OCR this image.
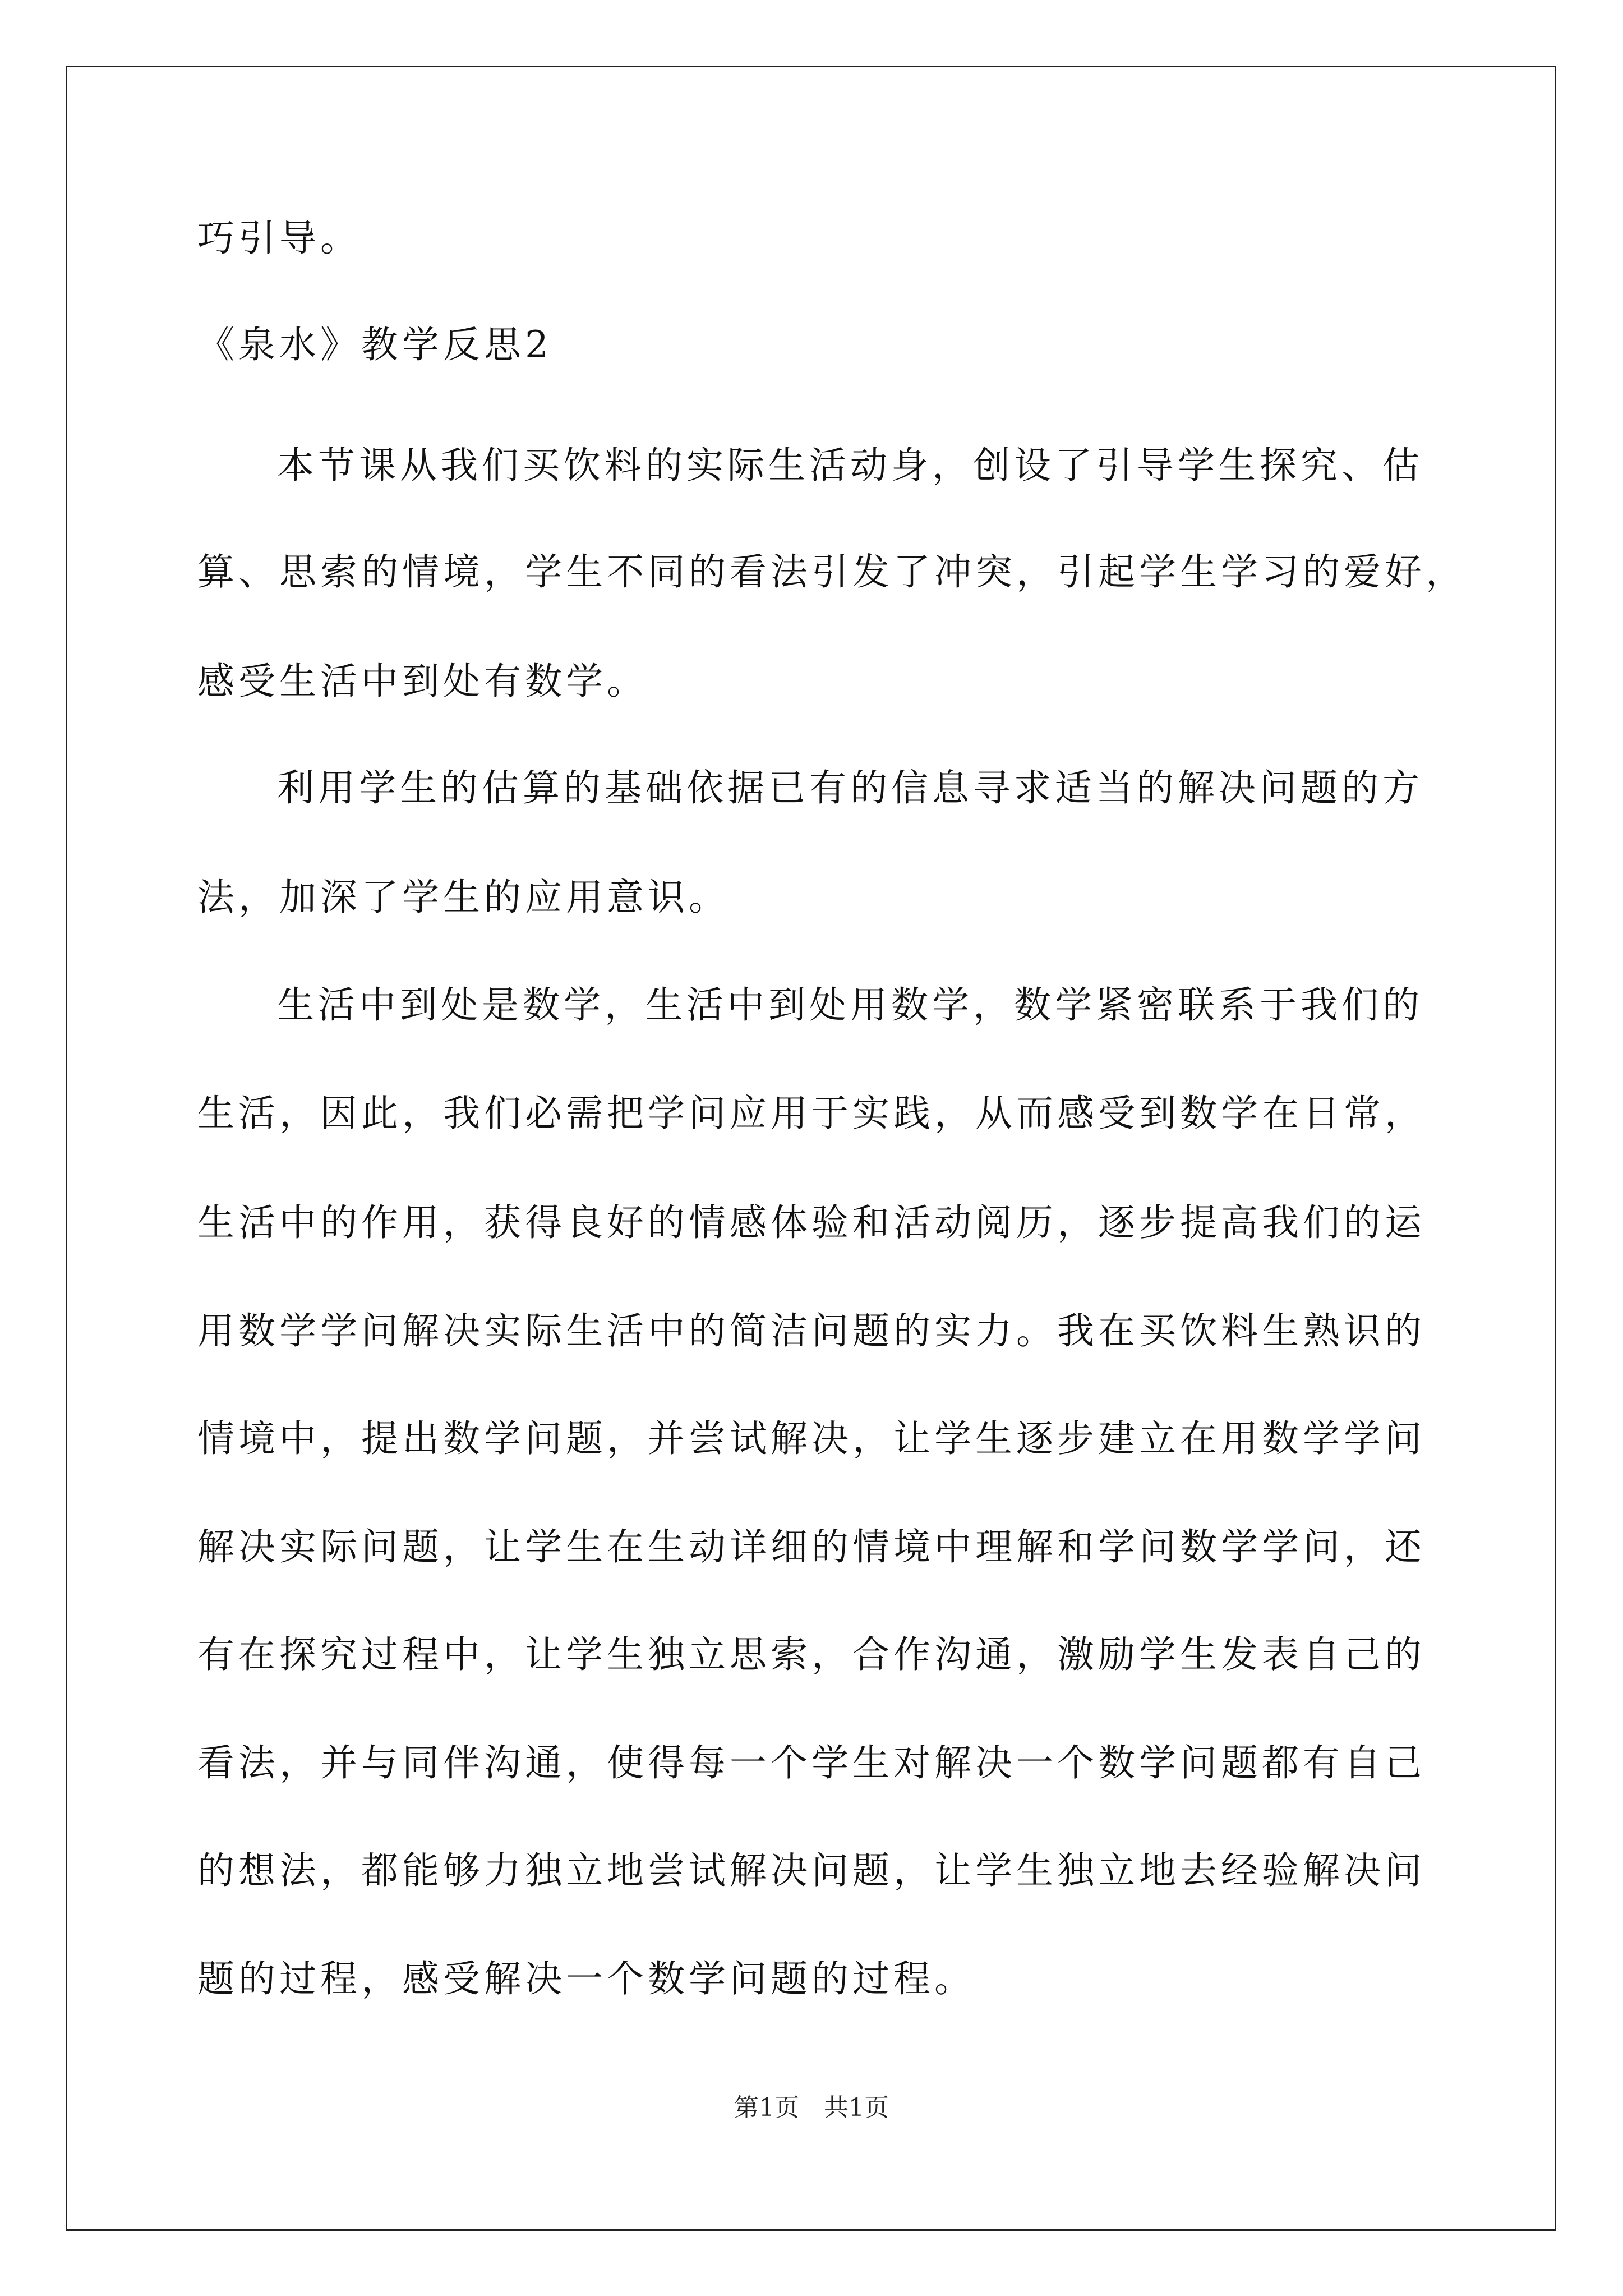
巧引导。
《泉水》教学反思2
本节课从我们买饮料的实际生活动身，创设了引导学生探究、估
算、思索的情境，学生不同的看法引发了冲突，引起学生学习的爱好，
感受生活中到处有数学。
利用学生的估算的基础依据已有的信息寻求适当的解决问题的方
法，加深了学生的应用意识。
生活中到处是数学，生活中到处用数学，数学紧密联系于我们的
生活，因此，我们必需把学问应用于实践，从而感受到数学在日常，
生活中的作用，获得良好的情感体验和活动阅历，逐步提高我们的运
用数学学问解决实际生活中的简洁问题的实力。我在买饮料生熟识的
情境中，提出数学问题，并尝试解决，让学生逐步建立在用数学学问
解决实际问题，让学生在生动详细的情境中理解和学问数学学问，还
有在探究过程中，让学生独立思索，合作沟通，激励学生发表自己的
看法，并与同伴沟通，使得每一个学生对解决一个数学问题都有自己
的想法，都能够力独立地尝试解决问题，让学生独立地去经验解决问
题的过程，感受解决一个数学问题的过程。
第1页　共1页
